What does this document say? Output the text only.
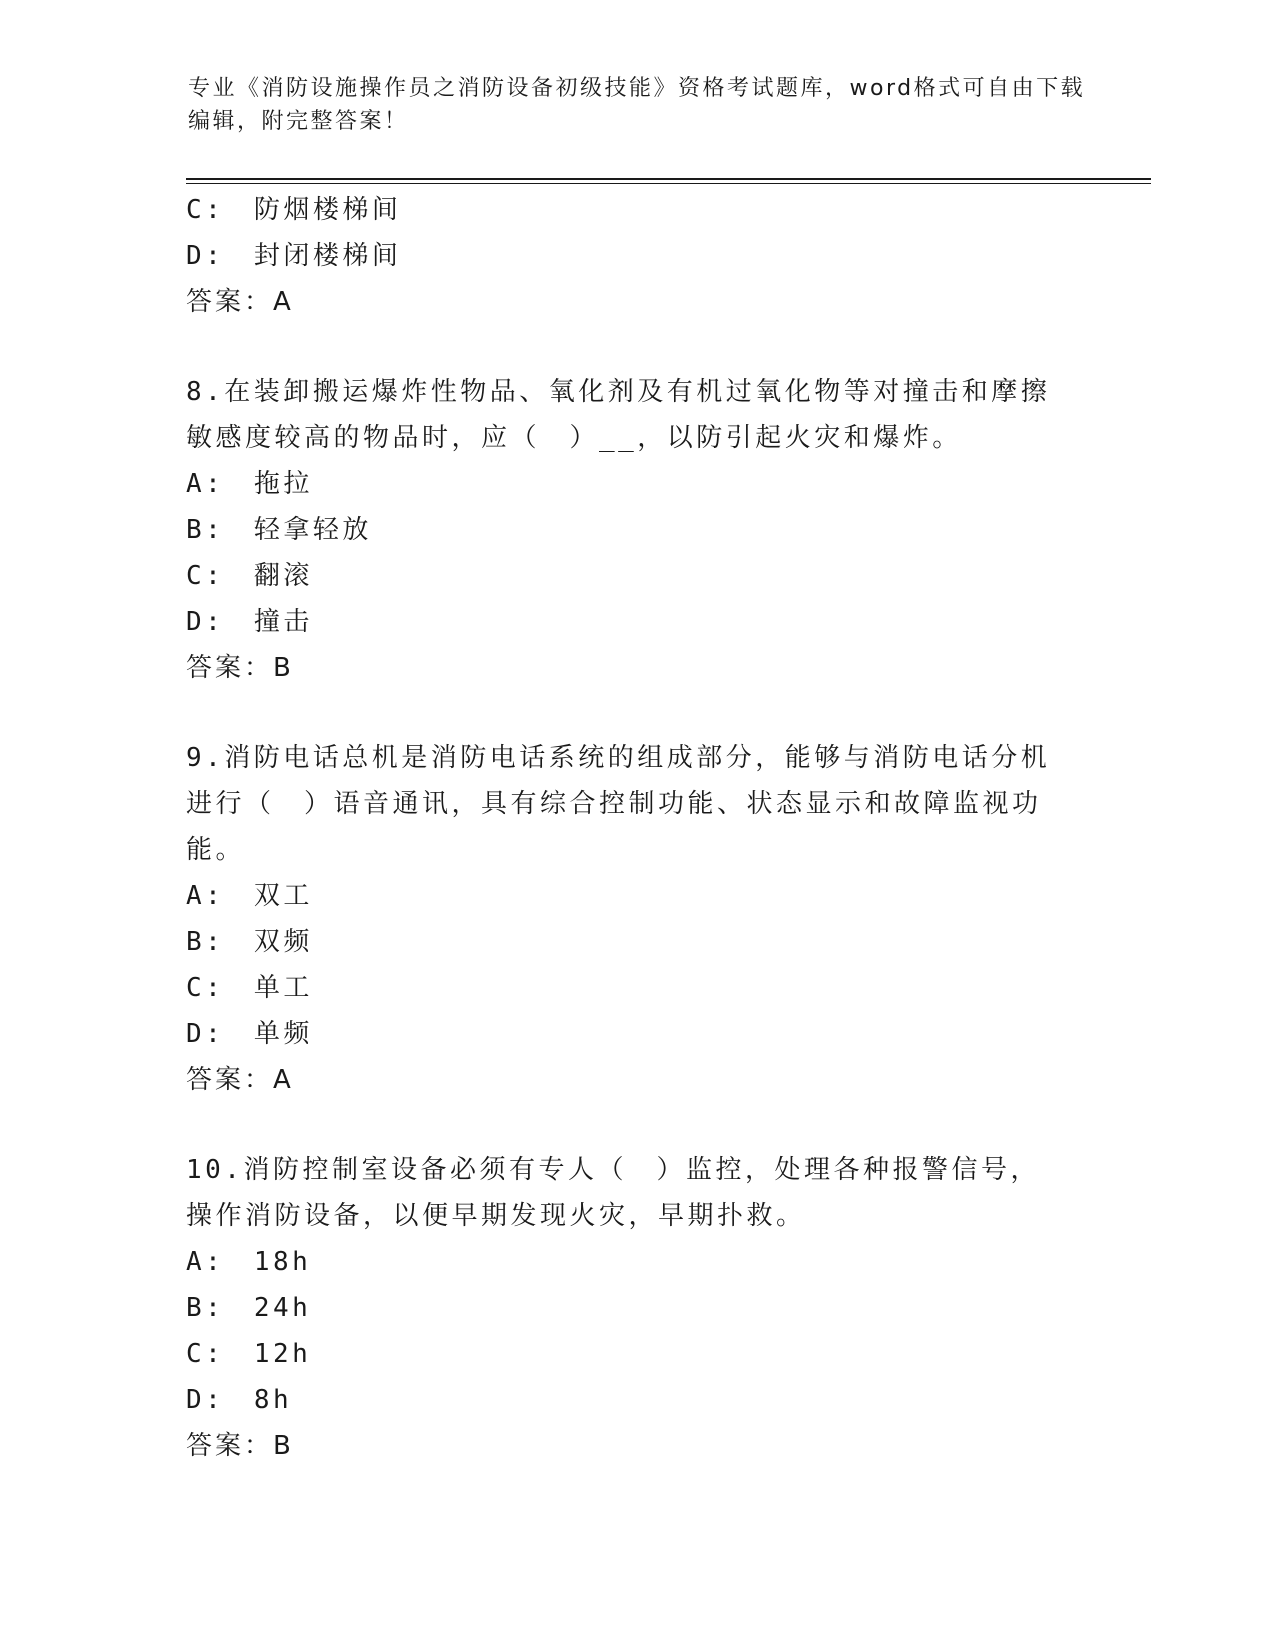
专业《消防设施操作员之消防设备初级技能》资格考试题库，word格式可自由下载编辑，附完整答案！
C:　防烟楼梯间
D:　封闭楼梯间
答案：A
8.在装卸搬运爆炸性物品、氧化剂及有机过氧化物等对撞击和摩擦敏感度较高的物品时，应（　）__，以防引起火灾和爆炸。
A:　拖拉
B:　轻拿轻放
C:　翻滚
D:　撞击
答案：B
9.消防电话总机是消防电话系统的组成部分，能够与消防电话分机进行（　）语音通讯，具有综合控制功能、状态显示和故障监视功能。
A:　双工
B:　双频
C:　单工
D:　单频
答案：A
10.消防控制室设备必须有专人（　）监控，处理各种报警信号，操作消防设备，以便早期发现火灾，早期扑救。
A:　18h
B:　24h
C:　12h
D:　8h
答案：B
